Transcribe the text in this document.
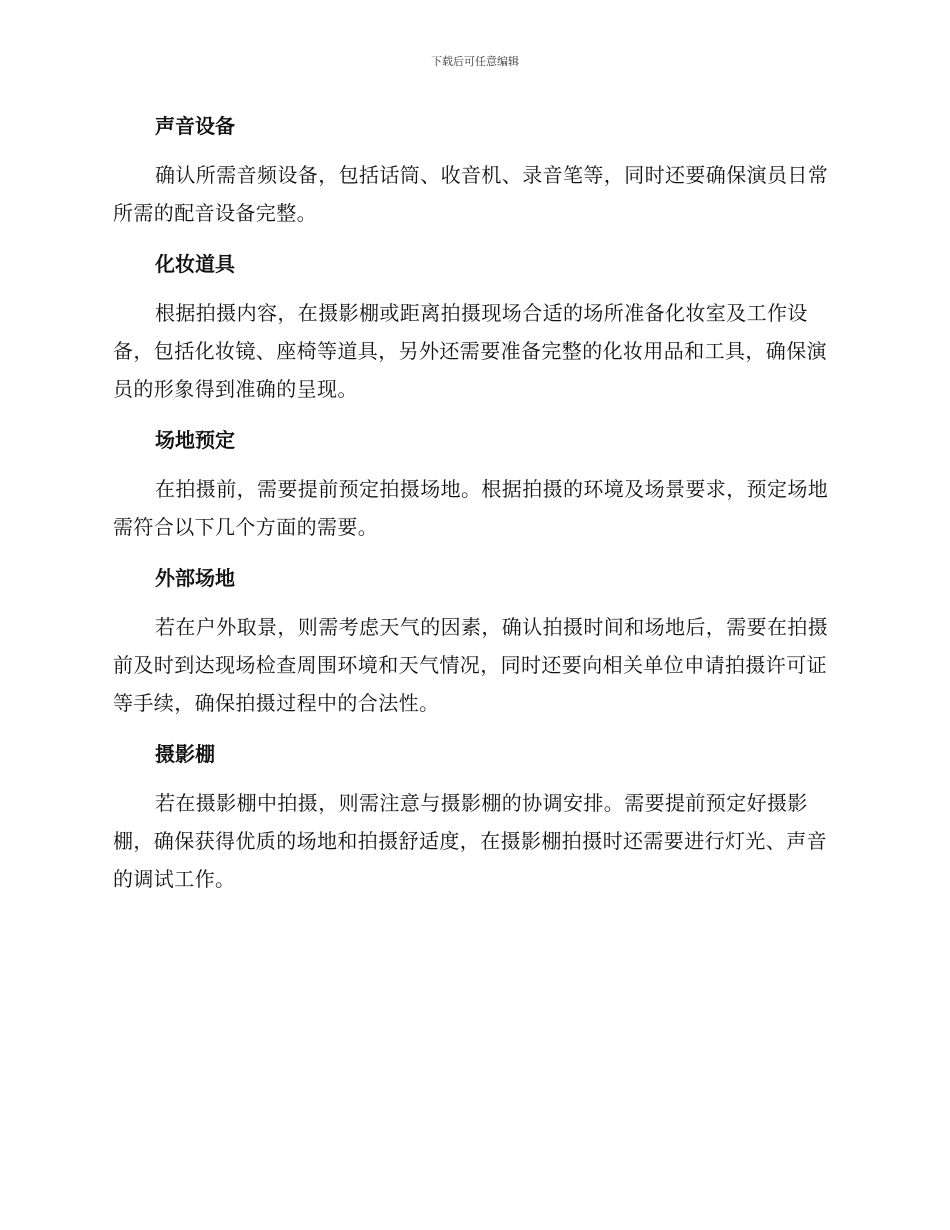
下载后可任意编辑
声音设备

确认所需音频设备，包括话筒、收音机、录音笔等，同时还要确保演员日常所需的配音设备完整。

化妆道具

根据拍摄内容，在摄影棚或距离拍摄现场合适的场所准备化妆室及工作设备，包括化妆镜、座椅等道具，另外还需要准备完整的化妆用品和工具，确保演员的形象得到准确的呈现。

场地预定

在拍摄前，需要提前预定拍摄场地。根据拍摄的环境及场景要求，预定场地需符合以下几个方面的需要。

外部场地

若在户外取景，则需考虑天气的因素，确认拍摄时间和场地后，需要在拍摄前及时到达现场检查周围环境和天气情况，同时还要向相关单位申请拍摄许可证等手续，确保拍摄过程中的合法性。

摄影棚

若在摄影棚中拍摄，则需注意与摄影棚的协调安排。需要提前预定好摄影棚，确保获得优质的场地和拍摄舒适度，在摄影棚拍摄时还需要进行灯光、声音的调试工作。
